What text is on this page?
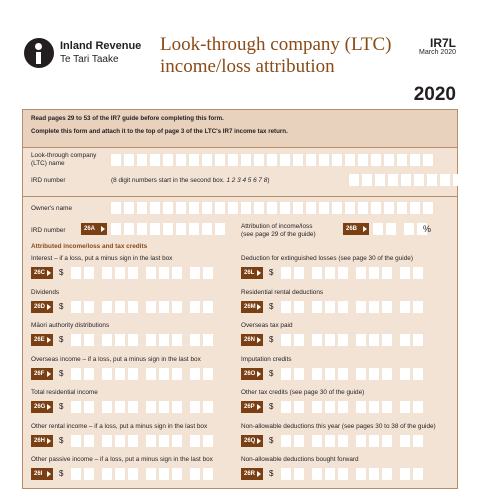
Inland Revenue
Te Tari Taake
Look-through company (LTC)
income/loss attribution
IR7L
March 2020
2020
Read pages 29 to 53 of the IR7 guide before completing this form.
Complete this form and attach it to the top of page 3 of the LTC's IR7 income tax return.
Look-through company
(LTC) name
IRD number	(8 digit numbers start in the second box. 1 2 3 4 5 6 7 8)
Owner's name
IRD number	26A	Attribution of income/loss
(see page 29 of the guide)
26B	%
Attributed income/loss and tax credits
Interest – if a loss, put a minus sign in the last box
26C	$
Dividends
26D	$
Māori authority distributions
26E	$
Overseas income – if a loss, put a minus sign in the last box
26F	$
Total residential income
26G	$
Other rental income – if a loss, put a minus sign in the last box
26H	$
Other passive income – if a loss, put a minus sign in the last box
26I	$
Deduction for extinguished losses (see page 30 of the guide)
26L	$
Residential rental deductions
26M	$
Overseas tax paid
26N	$
Imputation credits
26O	$
Other tax credits (see page 30 of the guide)
26P	$
Non-allowable deductions this year (see pages 30 to 38 of the guide)
26Q	$
Non-allowable deductions bought forward
26R	$
